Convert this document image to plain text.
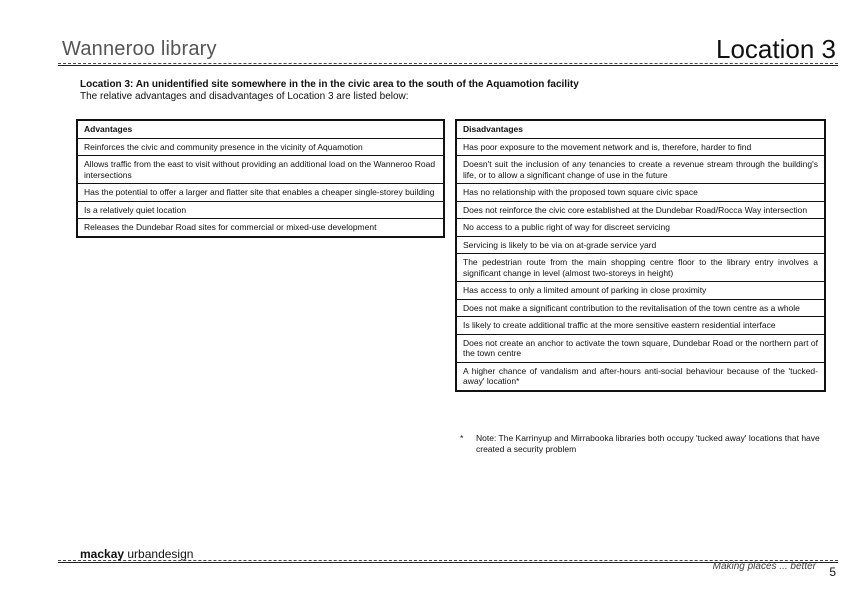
Wanneroo library	Location 3
Location 3: An unidentified site somewhere in the in the civic area to the south of the Aquamotion facility
The relative advantages and disadvantages of Location 3 are listed below:
Advantages
Reinforces the civic and community presence in the vicinity of Aquamotion
Allows traffic from the east to visit without providing an additional load on the Wanneroo Road intersections
Has the potential to offer a larger and flatter site that enables a cheaper single-storey building
Is a relatively quiet location
Releases the Dundebar Road sites for commercial or mixed-use development
Disadvantages
Has poor exposure to the movement network and is, therefore, harder to find
Doesn't suit the inclusion of any tenancies to create a revenue stream through the building's life, or to allow a significant change of use in the future
Has no relationship with the proposed town square civic space
Does not reinforce the civic core established at the Dundebar Road/Rocca Way intersection
No access to a public right of way for discreet servicing
Servicing is likely to be via on at-grade service yard
The pedestrian route from the main shopping centre floor to the library entry involves a significant change in level (almost two-storeys in height)
Has access to only a limited amount of parking in close proximity
Does not make a significant contribution to the revitalisation of the town centre as a whole
Is likely to create additional traffic at the more sensitive eastern residential interface
Does not create an anchor to activate the town square, Dundebar Road or the northern part of the town centre
A higher chance of vandalism and after-hours anti-social behaviour because of the 'tucked-away' location*
* Note: The Karrinyup and Mirrabooka libraries both occupy 'tucked away' locations that have created a security problem
mackay urbandesign
Making places ... better 5
